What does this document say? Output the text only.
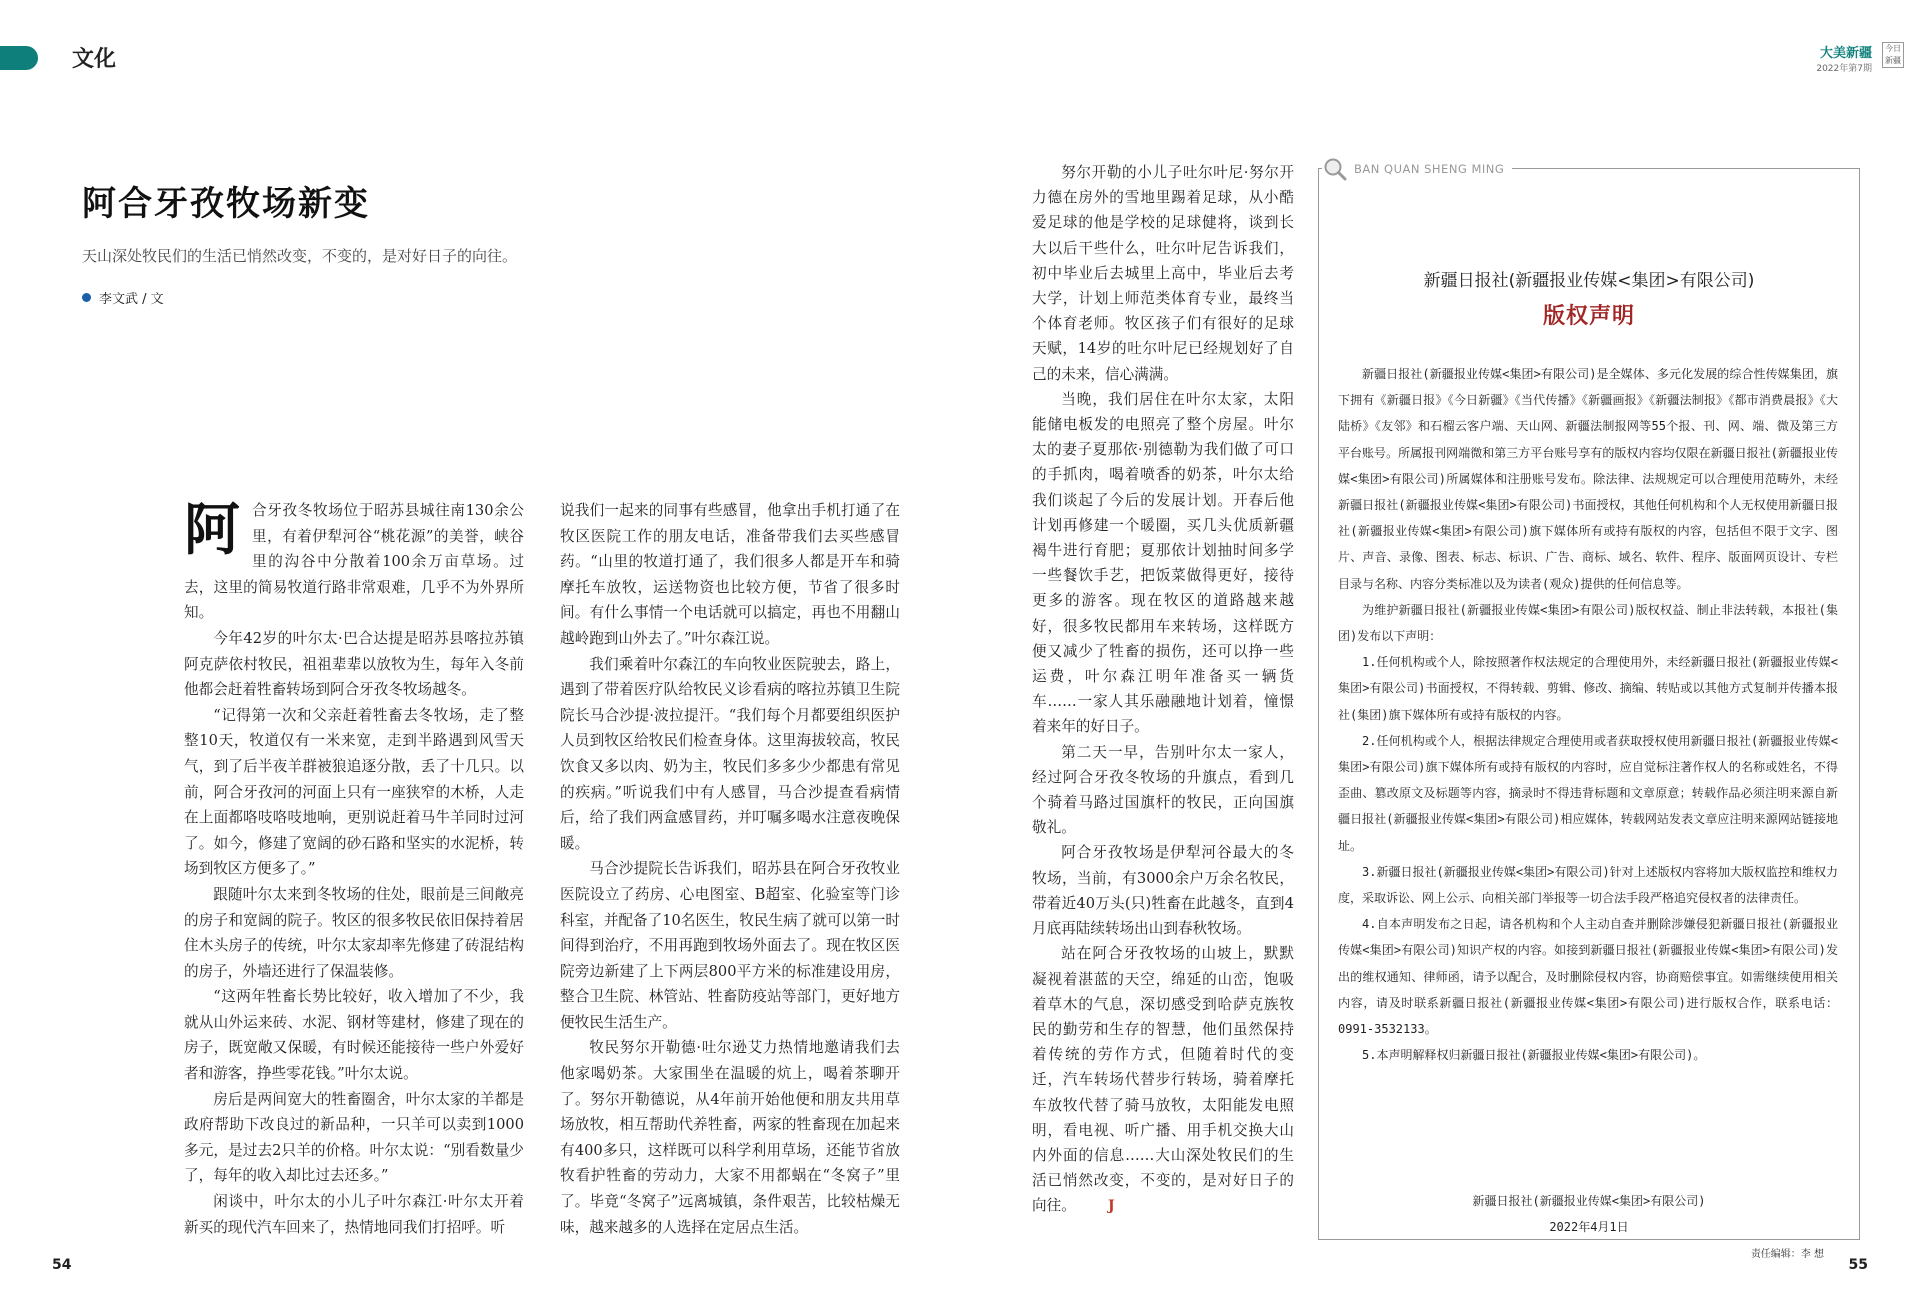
文化	大美新疆
2022年第7期
今日新疆
阿合牙孜牧场新变
天山深处牧民们的生活已悄然改变，不变的，是对好日子的向往。
李文武 / 文

阿合牙孜冬牧场位于昭苏县城往南130余公里，有着伊犁河谷“桃花源”的美誉，峡谷里的沟谷中分散着100余万亩草场。过去，这里的简易牧道行路非常艰难，几乎不为外界所知。

今年42岁的叶尔太·巴合达提是昭苏县喀拉苏镇阿克萨依村牧民，祖祖辈辈以放牧为生，每年入冬前他都会赶着牲畜转场到阿合牙孜冬牧场越冬。

“记得第一次和父亲赶着牲畜去冬牧场，走了整整10天，牧道仅有一米来宽，走到半路遇到风雪天气，到了后半夜羊群被狼追逐分散，丢了十几只。以前，阿合牙孜河的河面上只有一座狭窄的木桥，人走在上面都咯吱咯吱地响，更别说赶着马牛羊同时过河了。如今，修建了宽阔的砂石路和坚实的水泥桥，转场到牧区方便多了。”

跟随叶尔太来到冬牧场的住处，眼前是三间敞亮的房子和宽阔的院子。牧区的很多牧民依旧保持着居住木头房子的传统，叶尔太家却率先修建了砖混结构的房子，外墙还进行了保温装修。

“这两年牲畜长势比较好，收入增加了不少，我就从山外运来砖、水泥、钢材等建材，修建了现在的房子，既宽敞又保暖，有时候还能接待一些户外爱好者和游客，挣些零花钱。”叶尔太说。

房后是两间宽大的牲畜圈舍，叶尔太家的羊都是政府帮助下改良过的新品种，一只羊可以卖到1000多元，是过去2只羊的价格。叶尔太说：“别看数量少了，每年的收入却比过去还多。”

闲谈中，叶尔太的小儿子叶尔森江·叶尔太开着新买的现代汽车回来了，热情地同我们打招呼。听

说我们一起来的同事有些感冒，他拿出手机打通了在牧区医院工作的朋友电话，准备带我们去买些感冒药。“山里的牧道打通了，我们很多人都是开车和骑摩托车放牧，运送物资也比较方便，节省了很多时间。有什么事情一个电话就可以搞定，再也不用翻山越岭跑到山外去了。”叶尔森江说。

我们乘着叶尔森江的车向牧业医院驶去，路上，遇到了带着医疗队给牧民义诊看病的喀拉苏镇卫生院院长马合沙提·波拉提汗。“我们每个月都要组织医护人员到牧区给牧民们检查身体。这里海拔较高，牧民饮食又多以肉、奶为主，牧民们多多少少都患有常见的疾病。”听说我们中有人感冒，马合沙提查看病情后，给了我们两盒感冒药，并叮嘱多喝水注意夜晚保暖。

马合沙提院长告诉我们，昭苏县在阿合牙孜牧业医院设立了药房、心电图室、B超室、化验室等门诊科室，并配备了10名医生，牧民生病了就可以第一时间得到治疗，不用再跑到牧场外面去了。现在牧区医院旁边新建了上下两层800平方米的标准建设用房，整合卫生院、林管站、牲畜防疫站等部门，更好地方便牧民生活生产。

牧民努尔开勒德·吐尔逊艾力热情地邀请我们去他家喝奶茶。大家围坐在温暖的炕上，喝着茶聊开了。努尔开勒德说，从4年前开始他便和朋友共用草场放牧，相互帮助代养牲畜，两家的牲畜现在加起来有400多只，这样既可以科学利用草场，还能节省放牧看护牲畜的劳动力，大家不用都蜗在“冬窝子”里了。毕竟“冬窝子”远离城镇，条件艰苦，比较枯燥无味，越来越多的人选择在定居点生活。

努尔开勒的小儿子吐尔叶尼·努尔开力德在房外的雪地里踢着足球，从小酷爱足球的他是学校的足球健将，谈到长大以后干些什么，吐尔叶尼告诉我们，初中毕业后去城里上高中，毕业后去考大学，计划上师范类体育专业，最终当个体育老师。牧区孩子们有很好的足球天赋，14岁的吐尔叶尼已经规划好了自己的未来，信心满满。

当晚，我们居住在叶尔太家，太阳能储电板发的电照亮了整个房屋。叶尔太的妻子夏那依·别德勒为我们做了可口的手抓肉，喝着喷香的奶茶，叶尔太给我们谈起了今后的发展计划。开春后他计划再修建一个暖圈，买几头优质新疆褐牛进行育肥；夏那依计划抽时间多学一些餐饮手艺，把饭菜做得更好，接待更多的游客。现在牧区的道路越来越好，很多牧民都用车来转场，这样既方便又减少了牲畜的损伤，还可以挣一些运费，叶尔森江明年准备买一辆货车……一家人其乐融融地计划着，憧憬着来年的好日子。

第二天一早，告别叶尔太一家人，经过阿合牙孜冬牧场的升旗点，看到几个骑着马路过国旗杆的牧民，正向国旗敬礼。

阿合牙孜牧场是伊犁河谷最大的冬牧场，当前，有3000余户万余名牧民，带着近40万头(只)牲畜在此越冬，直到4月底再陆续转场出山到春秋牧场。

站在阿合牙孜牧场的山坡上，默默凝视着湛蓝的天空，绵延的山峦，饱吸着草木的气息，深切感受到哈萨克族牧民的勤劳和生存的智慧，他们虽然保持着传统的劳作方式，但随着时代的变迁，汽车转场代替步行转场，骑着摩托车放牧代替了骑马放牧，太阳能发电照明，看电视、听广播、用手机交换大山内外面的信息……大山深处牧民们的生活已悄然改变，不变的，是对好日子的向往。 J

BAN QUAN SHENG MING
新疆日报社(新疆报业传媒<集团>有限公司)
版权声明

新疆日报社(新疆报业传媒<集团>有限公司)是全媒体、多元化发展的综合性传媒集团，旗下拥有《新疆日报》《今日新疆》《当代传播》《新疆画报》《新疆法制报》《都市消费晨报》《大陆桥》《友邻》和石榴云客户端、天山网、新疆法制报网等55个报、刊、网、端、微及第三方平台账号。所属报刊网端微和第三方平台账号享有的版权内容均仅限在新疆日报社(新疆报业传媒<集团>有限公司)所属媒体和注册账号发布。除法律、法规规定可以合理使用范畴外，未经新疆日报社(新疆报业传媒<集团>有限公司)书面授权，其他任何机构和个人无权使用新疆日报社(新疆报业传媒<集团>有限公司)旗下媒体所有或持有版权的内容，包括但不限于文字、图片、声音、录像、图表、标志、标识、广告、商标、域名、软件、程序、版面网页设计、专栏目录与名称、内容分类标准以及为读者(观众)提供的任何信息等。

为维护新疆日报社(新疆报业传媒<集团>有限公司)版权权益、制止非法转载，本报社(集团)发布以下声明：

1.任何机构或个人，除按照著作权法规定的合理使用外，未经新疆日报社(新疆报业传媒<集团>有限公司)书面授权，不得转载、剪辑、修改、摘编、转贴或以其他方式复制并传播本报社(集团)旗下媒体所有或持有版权的内容。

2.任何机构或个人，根据法律规定合理使用或者获取授权使用新疆日报社(新疆报业传媒<集团>有限公司)旗下媒体所有或持有版权的内容时，应自觉标注著作权人的名称或姓名，不得歪曲、篡改原文及标题等内容，摘录时不得违背标题和文章原意；转载作品必须注明来源自新疆日报社(新疆报业传媒<集团>有限公司)相应媒体，转载网站发表文章应注明来源网站链接地址。

3.新疆日报社(新疆报业传媒<集团>有限公司)针对上述版权内容将加大版权监控和维权力度，采取诉讼、网上公示、向相关部门举报等一切合法手段严格追究侵权者的法律责任。

4.自本声明发布之日起，请各机构和个人主动自查并删除涉嫌侵犯新疆日报社(新疆报业传媒<集团>有限公司)知识产权的内容。如接到新疆日报社(新疆报业传媒<集团>有限公司)发出的维权通知、律师函，请予以配合，及时删除侵权内容，协商赔偿事宜。如需继续使用相关内容，请及时联系新疆日报社(新疆报业传媒<集团>有限公司)进行版权合作，联系电话：0991-3532133。

5.本声明解释权归新疆日报社(新疆报业传媒<集团>有限公司)。

新疆日报社(新疆报业传媒<集团>有限公司)
2022年4月1日
54
责任编辑：李 想
55
